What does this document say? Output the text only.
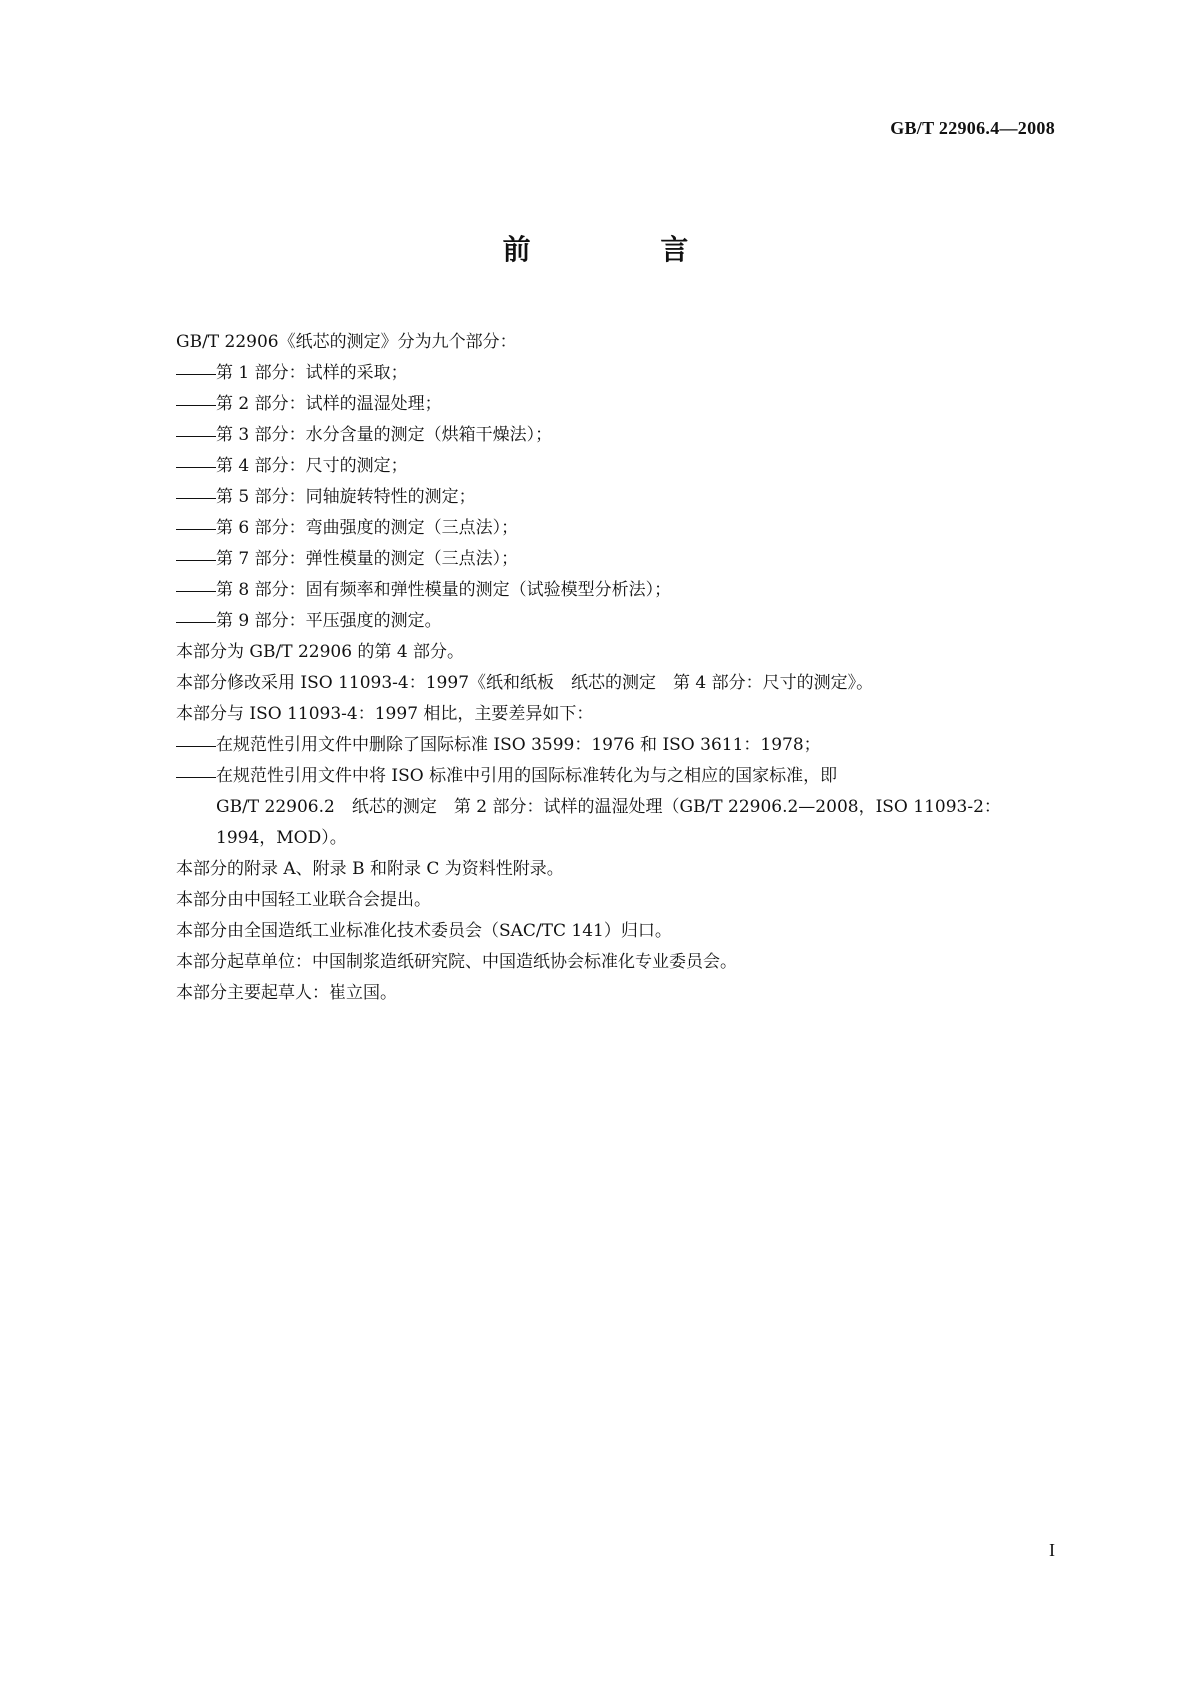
GB/T 22906.4—2008
前 言
GB/T 22906《纸芯的测定》分为九个部分：
第 1 部分：试样的采取；
第 2 部分：试样的温湿处理；
第 3 部分：水分含量的测定（烘箱干燥法）；
第 4 部分：尺寸的测定；
第 5 部分：同轴旋转特性的测定；
第 6 部分：弯曲强度的测定（三点法）；
第 7 部分：弹性模量的测定（三点法）；
第 8 部分：固有频率和弹性模量的测定（试验模型分析法）；
第 9 部分：平压强度的测定。
本部分为 GB/T 22906 的第 4 部分。
本部分修改采用 ISO 11093-4：1997《纸和纸板　纸芯的测定　第 4 部分：尺寸的测定》。
本部分与 ISO 11093-4：1997 相比，主要差异如下：
在规范性引用文件中删除了国际标准 ISO 3599：1976 和 ISO 3611：1978；
在规范性引用文件中将 ISO 标准中引用的国际标准转化为与之相应的国家标准，即
GB/T 22906.2　纸芯的测定　第 2 部分：试样的温湿处理（GB/T 22906.2—2008，ISO 11093-2：
1994，MOD）。
本部分的附录 A、附录 B 和附录 C 为资料性附录。
本部分由中国轻工业联合会提出。
本部分由全国造纸工业标准化技术委员会（SAC/TC 141）归口。
本部分起草单位：中国制浆造纸研究院、中国造纸协会标准化专业委员会。
本部分主要起草人：崔立国。
I
